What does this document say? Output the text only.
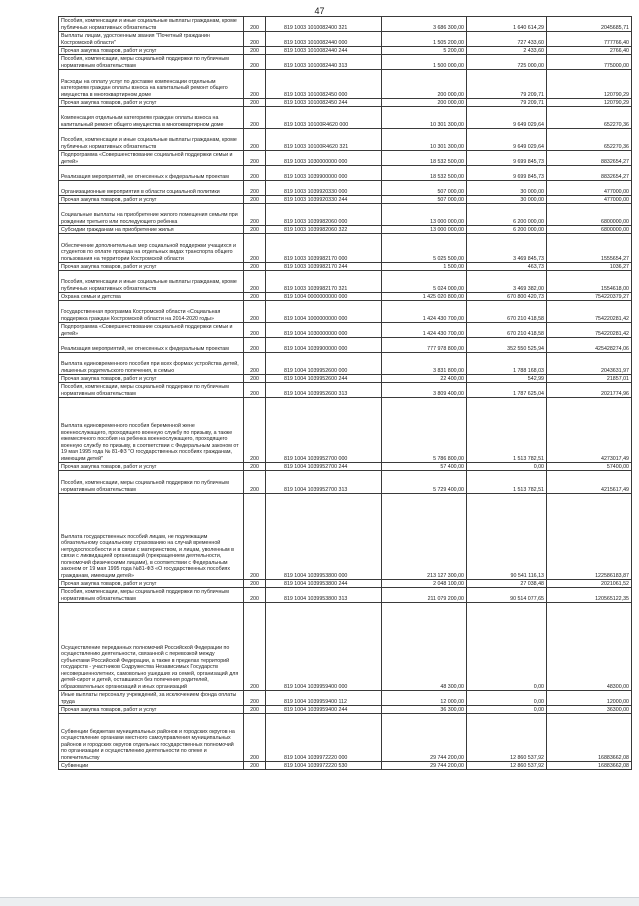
47
Пособия, компенсации и иные социальные выплаты гражданам, кроме публичных нормативных обязательств	200	819 1003 1010082400 321	3 686 300,00	1 640 614,29	2045685,71
Выплаты лицам, удостоенным звания "Почетный гражданин Костромской области"	200	819 1003 1010082440 000	1 505 200,00	727 433,60	777766,40
Прочая закупка товаров, работ и услуг	200	819 1003 1010082440 244	5 200,00	2 433,60	2766,40
Пособия, компенсации, меры социальной поддержки по публичным нормативным обязательствам	200	819 1003 1010082440 313	1 500 000,00	725 000,00	775000,00
Расходы на оплату услуг по доставке компенсации отдельным категориям граждан оплаты взноса на капитальный ремонт общего имущества в многоквартирном доме	200	819 1003 1010082450 000	200 000,00	79 209,71	120790,29
Прочая закупка товаров, работ и услуг	200	819 1003 1010082450 244	200 000,00	79 209,71	120790,29
Компенсация отдельным категориям граждан оплаты взноса на капитальный ремонт общего имущества в многоквартирном доме	200	819 1003 10100R4620 000	10 301 300,00	9 649 029,64	652270,36
Пособия, компенсации и иные социальные выплаты гражданам, кроме публичных нормативных обязательств	200	819 1003 10100R4620 321	10 301 300,00	9 649 029,64	652270,36
Подпрограмма «Совершенствование социальной поддержки семьи и детей»	200	819 1003 1030000000 000	18 532 500,00	9 699 845,73	8832654,27
Реализация мероприятий, не отнесенных к федеральным проектам	200	819 1003 1039900000 000	18 532 500,00	9 699 845,73	8832654,27
Организационные мероприятия в области социальной политики	200	819 1003 1039920330 000	507 000,00	30 000,00	477000,00
Прочая закупка товаров, работ и услуг	200	819 1003 1039920330 244	507 000,00	30 000,00	477000,00
Социальные выплаты на приобретение жилого помещения семьям при рождении третьего или последующего ребенка	200	819 1003 1039982060 000	13 000 000,00	6 200 000,00	6800000,00
Субсидии гражданам на приобретение жилья	200	819 1003 1039982060 322	13 000 000,00	6 200 000,00	6800000,00
Обеспечение дополнительных мер социальной поддержки учащихся и студентов по оплате проезда на отдельных видах транспорта общего пользования на территории Костромской области	200	819 1003 1039982170 000	5 025 500,00	3 469 845,73	1555654,27
Прочая закупка товаров, работ и услуг	200	819 1003 1039982170 244	1 500,00	463,73	1036,27
Пособия, компенсации и иные социальные выплаты гражданам, кроме публичных нормативных обязательств	200	819 1003 1039982170 321	5 024 000,00	3 469 382,00	1554618,00
Охрана семьи и детства	200	819 1004 0000000000 000	1 425 020 800,00	670 800 420,73	754220379,27
Государственная программа Костромской области «Социальная поддержка граждан Костромской области на 2014-2020 годы»	200	819 1004 1000000000 000	1 424 430 700,00	670 210 418,58	754220281,42
Подпрограмма «Совершенствование социальной поддержки семьи и детей»	200	819 1004 1030000000 000	1 424 430 700,00	670 210 418,58	754220281,42
Реализация мероприятий, не отнесенных к федеральным проектам	200	819 1004 1039900000 000	777 978 800,00	352 550 525,94	425428274,06
Выплата единовременного пособия при всех формах устройства детей, лишенных родительского попечения, в семью	200	819 1004 1039952600 000	3 831 800,00	1 788 168,03	2043631,97
Прочая закупка товаров, работ и услуг	200	819 1004 1039952600 244	22 400,00	542,99	21857,01
Пособия, компенсации, меры социальной поддержки по публичным нормативным обязательствам	200	819 1004 1039952600 313	3 809 400,00	1 787 625,04	2021774,96
Выплата единовременного пособия беременной жене военнослужащего, проходящего военную службу по призыву, а также ежемесячного пособия на ребенка военнослужащего, проходящего военную службу по призыву, в соответствии с Федеральным законом от 19 мая 1995 года № 81-ФЗ "О государственных пособиях гражданам, имеющим детей"	200	819 1004 1039952700 000	5 786 800,00	1 513 782,51	4273017,49
Прочая закупка товаров, работ и услуг	200	819 1004 1039952700 244	57 400,00	0,00	57400,00
Пособия, компенсации, меры социальной поддержки по публичным нормативным обязательствам	200	819 1004 1039952700 313	5 729 400,00	1 513 782,51	4215617,49
Выплата государственных пособий лицам, не подлежащим обязательному социальному страхованию на случай временной нетрудоспособности и в связи с материнством, и лицам, уволенным в связи с ликвидацией организаций (прекращением деятельности, полномочий физическими лицами), в соответствии с Федеральным законом от 19 мая 1995 года №81-ФЗ «О государственных пособиях гражданам, имеющим детей»	200	819 1004 1039953800 000	213 127 300,00	90 541 116,13	122586183,87
Прочая закупка товаров, работ и услуг	200	819 1004 1039953800 244	2 048 100,00	27 038,48	2021061,52
Пособия, компенсации, меры социальной поддержки по публичным нормативным обязательствам	200	819 1004 1039953800 313	211 079 200,00	90 514 077,65	120565122,35
Осуществление переданных полномочий Российской Федерации по осуществлению деятельности, связанной с перевозкой между субъектами Российской Федерации, а также в пределах территорий государств - участников Содружества Независимых Государств несовершеннолетних, самовольно ушедших из семей, организаций для детей-сирот и детей, оставшихся без попечения родителей, образовательных организаций и иных организаций	200	819 1004 1039959400 000	48 300,00	0,00	48300,00
Иные выплаты персоналу учреждений, за исключением фонда оплаты труда	200	819 1004 1039959400 112	12 000,00	0,00	12000,00
Прочая закупка товаров, работ и услуг	200	819 1004 1039959400 244	36 300,00	0,00	36300,00
Субвенции бюджетам муниципальных районов и городских округов на осуществление органами местного самоуправления муниципальных районов и городских округов отдельных государственных полномочий по организации и осуществлению деятельности по опеке и попечительству	200	819 1004 1039972220 000	29 744 200,00	12 860 537,92	16883662,08
Субвенции	200	819 1004 1039972220 530	29 744 200,00	12 860 537,92	16883662,08
